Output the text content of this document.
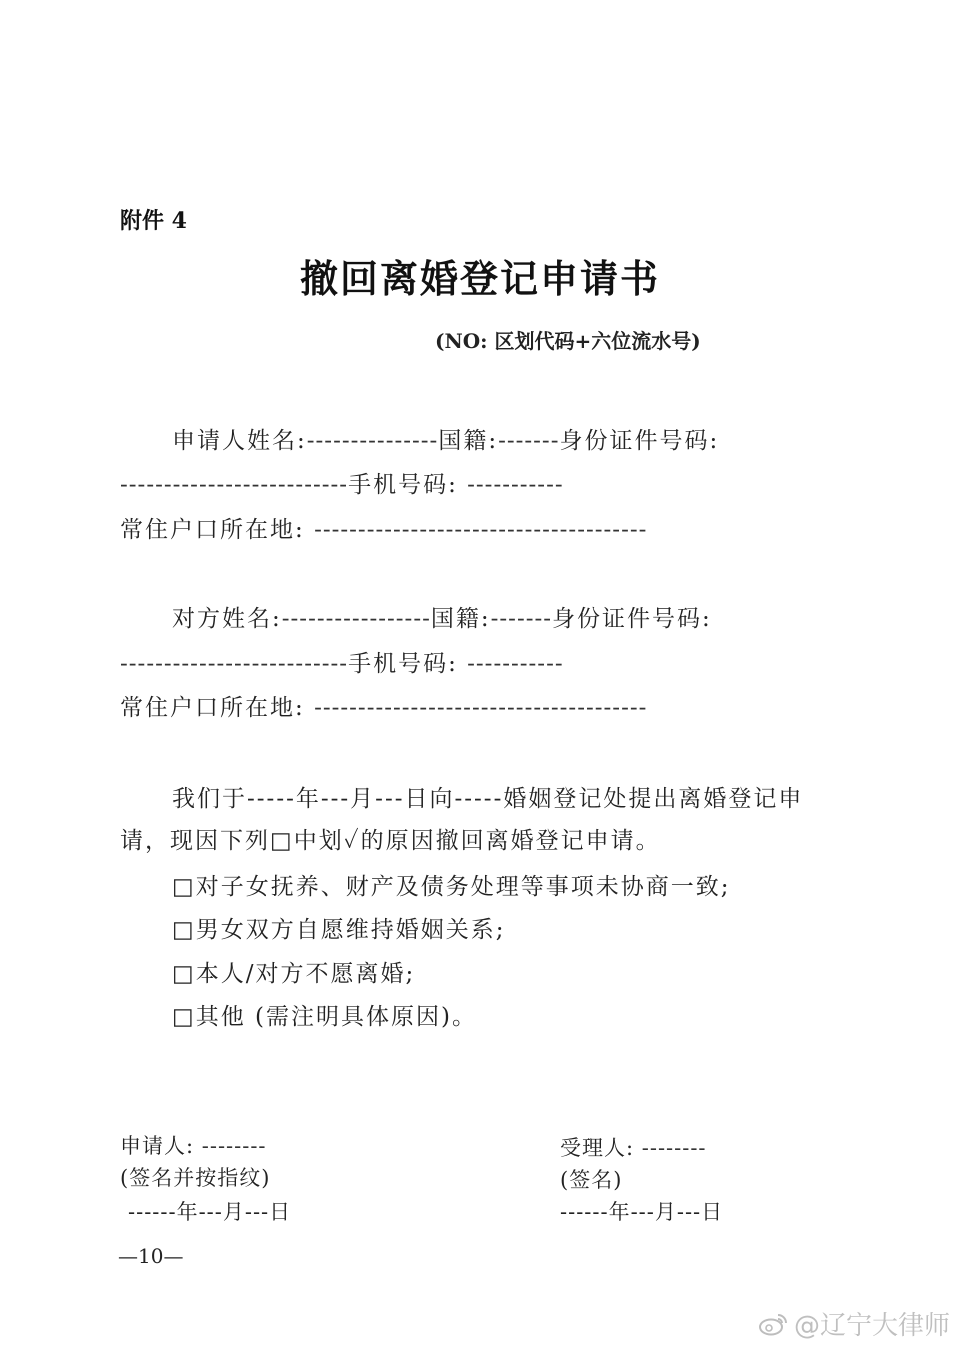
附件 4
撤回离婚登记申请书
(NO: 区划代码+六位流水号)
申请人姓名:---------------国籍:-------身份证件号码:
--------------------------手机号码: -----------
常住户口所在地: --------------------------------------
对方姓名:-----------------国籍:-------身份证件号码:
--------------------------手机号码: -----------
常住户口所在地: --------------------------------------
我们于-----年---月---日向-----婚姻登记处提出离婚登记申请，现因下列□中划✓的原因撤回离婚登记申请。
□对子女抚养、财产及债务处理等事项未协商一致;
□男女双方自愿维持婚姻关系;
□本人/对方不愿离婚;
□其他 (需注明具体原因)。
申请人: --------
(签名并按指纹)
------年---月---日
受理人: --------
(签名)
------年---月---日
—10—
@辽宁大律师
